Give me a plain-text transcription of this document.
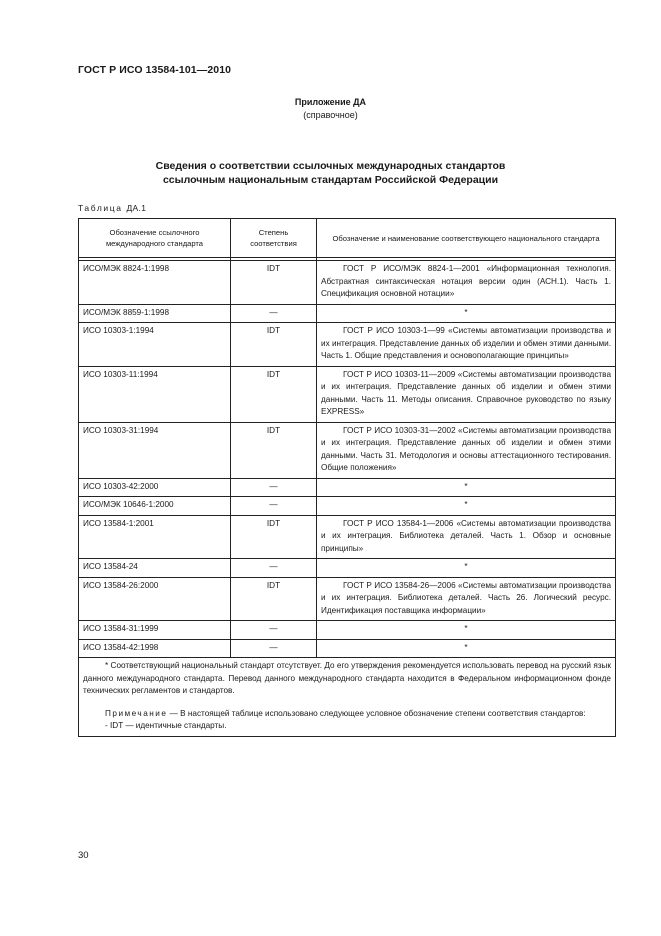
ГОСТ Р ИСО 13584-101—2010
Приложение ДА
(справочное)
Сведения о соответствии ссылочных международных стандартов
ссылочным национальным стандартам Российской Федерации
Таблица ДА.1
Обозначение ссылочного международного стандарта	Степень соответствия	Обозначение и наименование соответствующего национального стандарта

ИСО/МЭК 8824-1:1998	IDT	ГОСТ Р ИСО/МЭК 8824-1—2001 «Информационная технология. Абстрактная синтаксическая нотация версии один (АСН.1). Часть 1. Спецификация основной нотации»
ИСО/МЭК 8859-1:1998	—	*
ИСО 10303-1:1994	IDT	ГОСТ Р ИСО 10303-1—99 «Системы автоматизации производства и их интеграция. Представление данных об изделии и обмен этими данными. Часть 1. Общие представления и основополагающие принципы»
ИСО 10303-11:1994	IDT	ГОСТ Р ИСО 10303-11—2009 «Системы автоматизации производства и их интеграция. Представление данных об изделии и обмен этими данными. Часть 11. Методы описания. Справочное руководство по языку EXPRESS»
ИСО 10303-31:1994	IDT	ГОСТ Р ИСО 10303-31—2002 «Системы автоматизации производства и их интеграция. Представление данных об изделии и обмен этими данными. Часть 31. Методология и основы аттестационного тестирования. Общие положения»
ИСО 10303-42:2000	—	*
ИСО/МЭК 10646-1:2000	—	*
ИСО 13584-1:2001	IDT	ГОСТ Р ИСО 13584-1—2006 «Системы автоматизации производства и их интеграция. Библиотека деталей. Часть 1. Обзор и основные принципы»
ИСО 13584-24	—	*
ИСО 13584-26:2000	IDT	ГОСТ Р ИСО 13584-26—2006 «Системы автоматизации производства и их интеграция. Библиотека деталей. Часть 26. Логический ресурс. Идентификация поставщика информации»
ИСО 13584-31:1999	—	*
ИСО 13584-42:1998	—	*

* Соответствующий национальный стандарт отсутствует. До его утверждения рекомендуется использовать перевод на русский язык данного международного стандарта. Перевод данного международного стандарта находится в Федеральном информационном фонде технических регламентов и стандартов.

Примечание — В настоящей таблице использовано следующее условное обозначение степени соответствия стандартов:

- IDT — идентичные стандарты.		

30
